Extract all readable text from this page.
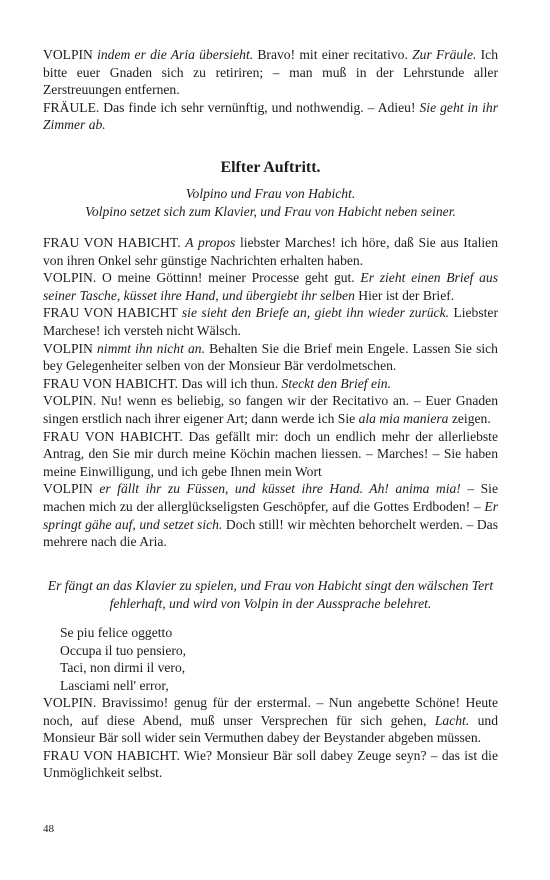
VOLPIN indem er die Aria übersieht. Bravo! mit einer recitativo. Zur Fräule. Ich bitte euer Gnaden sich zu retiriren; – man muß in der Lehrstunde aller Zerstreuungen entfernen.

FRÄULE. Das finde ich sehr vernünftig, und nothwendig. – Adieu! Sie geht in ihr Zimmer ab.

Elfter Auftritt.
Volpino und Frau von Habicht.
Volpino setzet sich zum Klavier, und Frau von Habicht neben seiner.

FRAU VON HABICHT. A propos liebster Marches! ich höre, daß Sie aus Italien von ihren Onkel sehr günstige Nachrichten erhalten haben.

VOLPIN. O meine Göttinn! meiner Processe geht gut. Er zieht einen Brief aus seiner Tasche, küsset ihre Hand, und übergiebt ihr selben Hier ist der Brief.

FRAU VON HABICHT sie sieht den Briefe an, giebt ihn wieder zurück. Liebster Marchese! ich versteh nicht Wälsch.

VOLPIN nimmt ihn nicht an. Behalten Sie die Brief mein Engele. Lassen Sie sich bey Gelegenheiter selben von der Monsieur Bär verdolmetschen.

FRAU VON HABICHT. Das will ich thun. Steckt den Brief ein.

VOLPIN. Nu! wenn es beliebig, so fangen wir der Recitativo an. – Euer Gnaden singen erstlich nach ihrer eigener Art; dann werde ich Sie ala mia maniera zeigen.

FRAU VON HABICHT. Das gefällt mir: doch un endlich mehr der allerliebste Antrag, den Sie mir durch meine Köchin machen liessen. – Marches! – Sie haben meine Einwilligung, und ich gebe Ihnen mein Wort

VOLPIN er fällt ihr zu Füssen, und küsset ihre Hand. Ah! anima mia! – Sie machen mich zu der allerglückseligsten Geschöpfer, auf die Gottes Erdboden! – Er springt gähe auf, und setzet sich. Doch still! wir mèchten behorchelt werden. – Das mehrere nach die Aria.

Er fängt an das Klavier zu spielen, und Frau von Habicht singt den wälschen Tert fehlerhaft, und wird von Volpin in der Aussprache belehret.
Se piu felice oggetto
Occupa il tuo pensiero,
Taci, non dirmi il vero,
Lasciami nell' error,

VOLPIN. Bravissimo! genug für der erstermal. – Nun angebette Schöne! Heute noch, auf diese Abend, muß unser Versprechen für sich gehen, Lacht. und Monsieur Bär soll wider sein Vermuthen dabey der Beystander abgeben müssen.

FRAU VON HABICHT. Wie? Monsieur Bär soll dabey Zeuge seyn? – das ist die Unmöglichkeit selbst.

48
